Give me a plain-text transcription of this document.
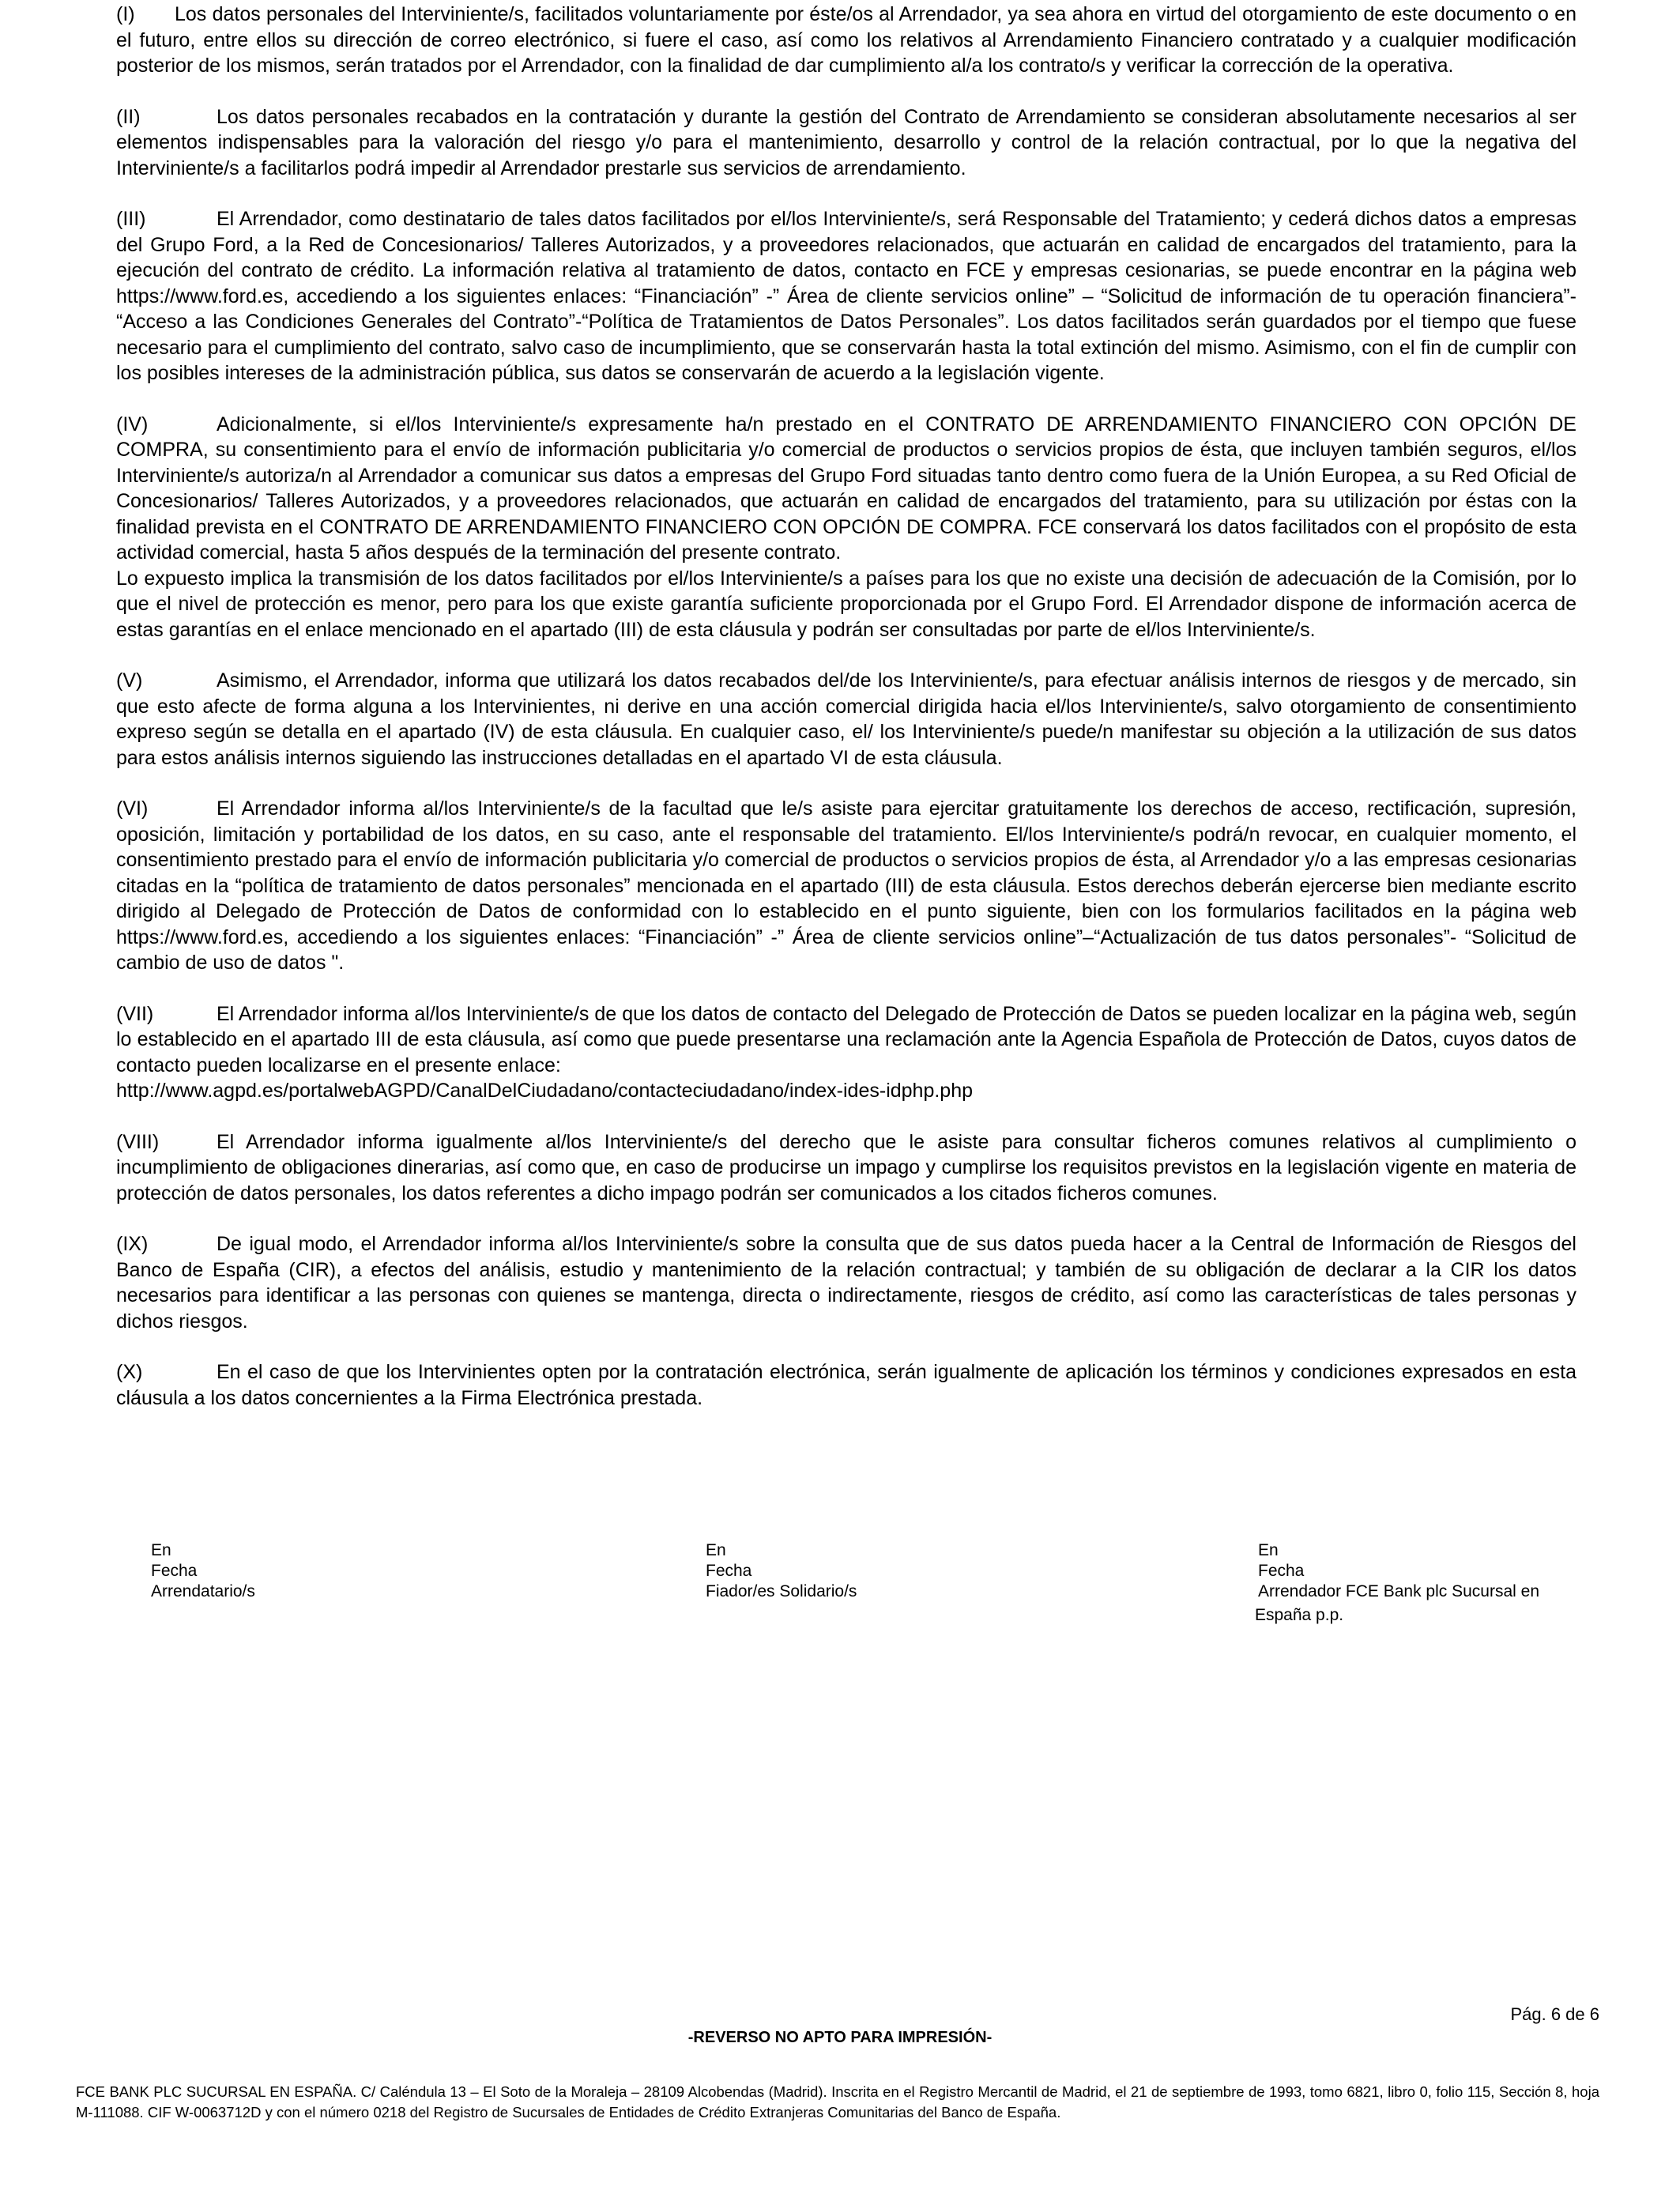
(I) Los datos personales del Interviniente/s, facilitados voluntariamente por éste/os al Arrendador, ya sea ahora en virtud del otorgamiento de este documento o en el futuro, entre ellos su dirección de correo electrónico, si fuere el caso, así como los relativos al Arrendamiento Financiero contratado y a cualquier modificación posterior de los mismos, serán tratados por el Arrendador, con la finalidad de dar cumplimiento al/a los contrato/s y verificar la corrección de la operativa.

(II)	Los datos personales recabados en la contratación y durante la gestión del Contrato de Arrendamiento se consideran absolutamente necesarios al ser elementos indispensables para la valoración del riesgo y/o para el mantenimiento, desarrollo y control de la relación contractual, por lo que la negativa del Interviniente/s a facilitarlos podrá impedir al Arrendador prestarle sus servicios de arrendamiento.

(III)	El Arrendador, como destinatario de tales datos facilitados por el/los Interviniente/s, será Responsable del Tratamiento; y cederá dichos datos a empresas del Grupo Ford, a la Red de Concesionarios/ Talleres Autorizados, y a proveedores relacionados, que actuarán en calidad de encargados del tratamiento, para la ejecución del contrato de crédito. La información relativa al tratamiento de datos, contacto en FCE y empresas cesionarias, se puede encontrar en la página web https://www.ford.es, accediendo a los siguientes enlaces: “Financiación” -” Área de cliente servicios online” – “Solicitud de información de tu operación financiera”- “Acceso a las Condiciones Generales del Contrato”-“Política de Tratamientos de Datos Personales”. Los datos facilitados serán guardados por el tiempo que fuese necesario para el cumplimiento del contrato, salvo caso de incumplimiento, que se conservarán hasta la total extinción del mismo. Asimismo, con el fin de cumplir con los posibles intereses de la administración pública, sus datos se conservarán de acuerdo a la legislación vigente.

(IV)	Adicionalmente, si el/los Interviniente/s expresamente ha/n prestado en el CONTRATO DE ARRENDAMIENTO FINANCIERO CON OPCIÓN DE COMPRA, su consentimiento para el envío de información publicitaria y/o comercial de productos o servicios propios de ésta, que incluyen también seguros, el/los Interviniente/s autoriza/n al Arrendador a comunicar sus datos a empresas del Grupo Ford situadas tanto dentro como fuera de la Unión Europea, a su Red Oficial de Concesionarios/ Talleres Autorizados, y a proveedores relacionados, que actuarán en calidad de encargados del tratamiento, para su utilización por éstas con la finalidad prevista en el CONTRATO DE ARRENDAMIENTO FINANCIERO CON OPCIÓN DE COMPRA. FCE conservará los datos facilitados con el propósito de esta actividad comercial, hasta 5 años después de la terminación del presente contrato.
Lo expuesto implica la transmisión de los datos facilitados por el/los Interviniente/s a países para los que no existe una decisión de adecuación de la Comisión, por lo que el nivel de protección es menor, pero para los que existe garantía suficiente proporcionada por el Grupo Ford. El Arrendador dispone de información acerca de estas garantías en el enlace mencionado en el apartado (III) de esta cláusula y podrán ser consultadas por parte de el/los Interviniente/s.

(V)	Asimismo, el Arrendador, informa que utilizará los datos recabados del/de los Interviniente/s, para efectuar análisis internos de riesgos y de mercado, sin que esto afecte de forma alguna a los Intervinientes, ni derive en una acción comercial dirigida hacia el/los Interviniente/s, salvo otorgamiento de consentimiento expreso según se detalla en el apartado (IV) de esta cláusula. En cualquier caso, el/ los Interviniente/s puede/n manifestar su objeción a la utilización de sus datos para estos análisis internos siguiendo las instrucciones detalladas en el apartado VI de esta cláusula.

(VI)	El Arrendador informa al/los Interviniente/s de la facultad que le/s asiste para ejercitar gratuitamente los derechos de acceso, rectificación, supresión, oposición, limitación y portabilidad de los datos, en su caso, ante el responsable del tratamiento. El/los Interviniente/s podrá/n revocar, en cualquier momento, el consentimiento prestado para el envío de información publicitaria y/o comercial de productos o servicios propios de ésta, al Arrendador y/o a las empresas cesionarias citadas en la “política de tratamiento de datos personales” mencionada en el apartado (III) de esta cláusula. Estos derechos deberán ejercerse bien mediante escrito dirigido al Delegado de Protección de Datos de conformidad con lo establecido en el punto siguiente, bien con los formularios facilitados en la página web https://www.ford.es, accediendo a los siguientes enlaces: “Financiación” -” Área de cliente servicios online”–“Actualización de tus datos personales”- “Solicitud de cambio de uso de datos ".

(VII)	El Arrendador informa al/los Interviniente/s de que los datos de contacto del Delegado de Protección de Datos se pueden localizar en la página web, según lo establecido en el apartado III de esta cláusula, así como que puede presentarse una reclamación ante la Agencia Española de Protección de Datos, cuyos datos de contacto pueden localizarse en el presente enlace:
http://www.agpd.es/portalwebAGPD/CanalDelCiudadano/contacteciudadano/index-ides-idphp.php

(VIII)	El Arrendador informa igualmente al/los Interviniente/s del derecho que le asiste para consultar ficheros comunes relativos al cumplimiento o incumplimiento de obligaciones dinerarias, así como que, en caso de producirse un impago y cumplirse los requisitos previstos en la legislación vigente en materia de protección de datos personales, los datos referentes a dicho impago podrán ser comunicados a los citados ficheros comunes.

(IX)	De igual modo, el Arrendador informa al/los Interviniente/s sobre la consulta que de sus datos pueda hacer a la Central de Información de Riesgos del Banco de España (CIR), a efectos del análisis, estudio y mantenimiento de la relación contractual; y también de su obligación de declarar a la CIR los datos necesarios para identificar a las personas con quienes se mantenga, directa o indirectamente, riesgos de crédito, así como las características de tales personas y dichos riesgos.

(X)	En el caso de que los Intervinientes opten por la contratación electrónica, serán igualmente de aplicación los términos y condiciones expresados en esta cláusula a los datos concernientes a la Firma Electrónica prestada.

En
Fecha
Arrendatario/s
En
Fecha
Fiador/es Solidario/s
En
Fecha
Arrendador FCE Bank plc Sucursal en
España p.p.
Pág. 6 de 6
-REVERSO NO APTO PARA IMPRESIÓN-
FCE BANK PLC SUCURSAL EN ESPAÑA. C/ Caléndula 13 – El Soto de la Moraleja – 28109 Alcobendas (Madrid). Inscrita en el Registro Mercantil de Madrid, el 21 de septiembre de 1993, tomo 6821, libro 0, folio 115, Sección 8, hoja M-111088. CIF W-0063712D y con el número 0218 del Registro de Sucursales de Entidades de Crédito Extranjeras Comunitarias del Banco de España.
